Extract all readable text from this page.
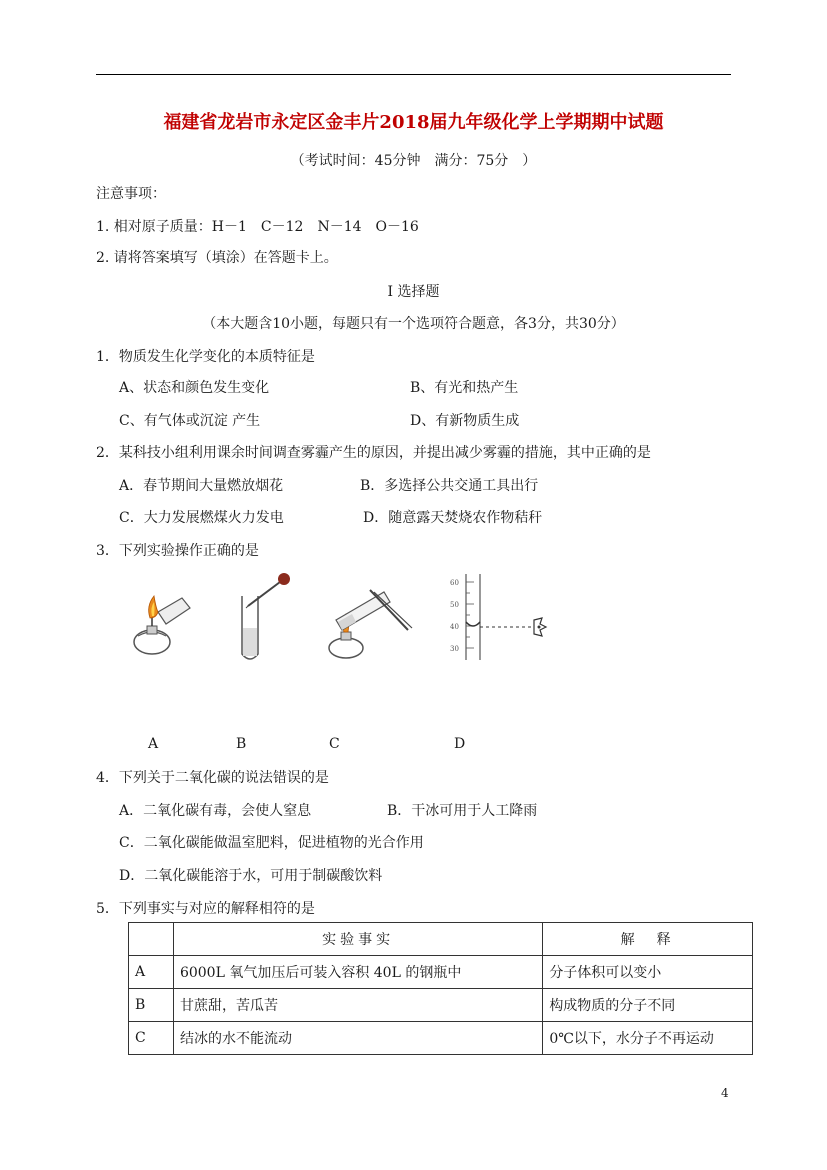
福建省龙岩市永定区金丰片2018届九年级化学上学期期中试题
（考试时间：45分钟　满分：75分　）
注意事项：
1. 相对原子质量：H－1　C－12　N－14　O－16
2. 请将答案填写（填涂）在答题卡上。
I 选择题
（本大题含10小题，每题只有一个选项符合题意，各3分，共30分）
1．物质发生化学变化的本质特征是
A、状态和颜色发生变化	B、有光和热产生
C、有气体或沉淀 产生	D、有新物质生成
2．某科技小组利用课余时间调查雾霾产生的原因，并提出减少雾霾的措施，其中正确的是
A．春节期间大量燃放烟花	B．多选择公共交通工具出行
C．大力发展燃煤火力发电	D．随意露天焚烧农作物秸秆
3．下列实验操作正确的是
60
50
40
30
A	B	C	D
4．下列关于二氧化碳的说法错误的是
A．二氧化碳有毒，会使人窒息	B．干冰可用于人工降雨
C．二氧化碳能做温室肥料，促进植物的光合作用
D．二氧化碳能溶于水，可用于制碳酸饮料
5．下列事实与对应的解释相符的是
	实验事实	解　释
A	6000L 氧气加压后可装入容积 40L 的钢瓶中	分子体积可以变小
B	甘蔗甜，苦瓜苦	构成物质的分子不同
C	结冰的水不能流动	0℃以下，水分子不再运动
4
